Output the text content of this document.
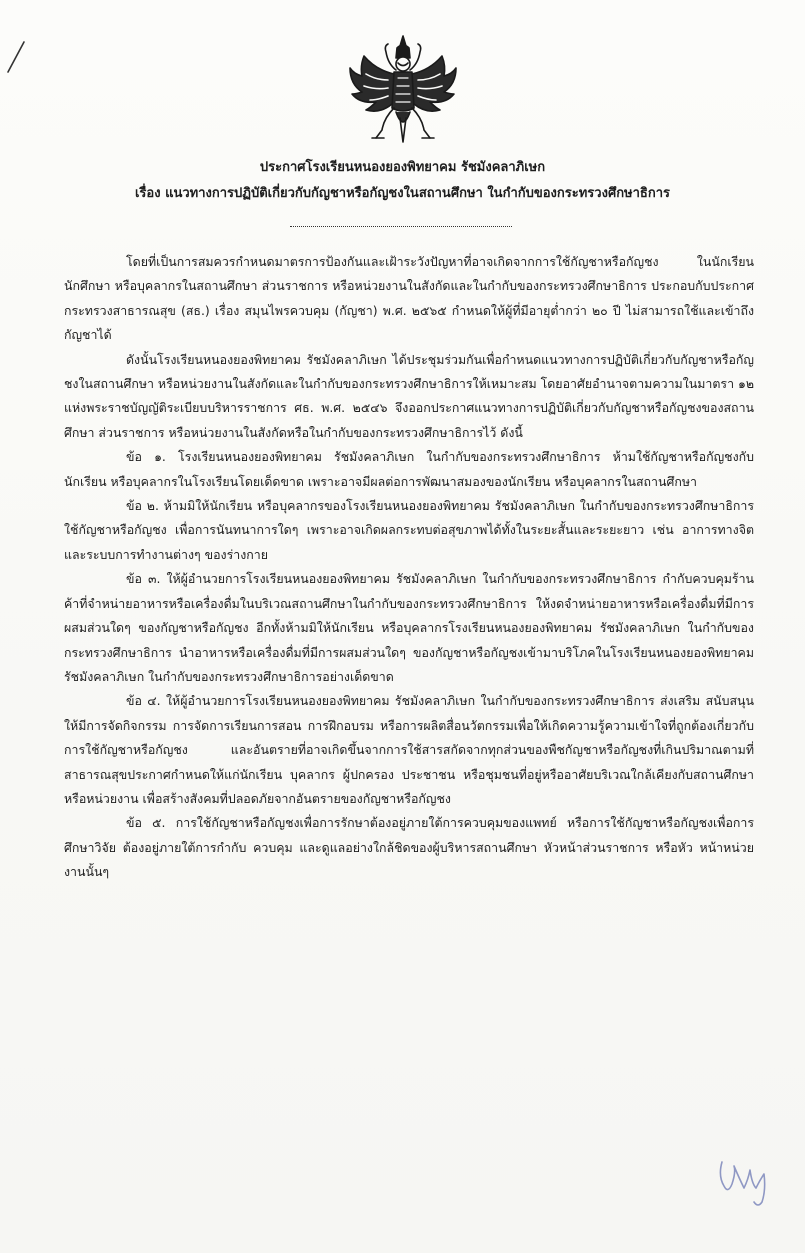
ประกาศโรงเรียนหนองยองพิทยาคม รัชมังคลาภิเษก
เรื่อง แนวทางการปฏิบัติเกี่ยวกับกัญชาหรือกัญชงในสถานศึกษา ในกำกับของกระทรวงศึกษาธิการ

โดยที่เป็นการสมควรกำหนดมาตรการป้องกันและเฝ้าระวังปัญหาที่อาจเกิดจากการใช้กัญชาหรือกัญชง ในนักเรียน นักศึกษา หรือบุคลากรในสถานศึกษา ส่วนราชการ หรือหน่วยงานในสังกัดและในกำกับของกระทรวงศึกษาธิการ ประกอบกับประกาศกระทรวงสาธารณสุข (สธ.) เรื่อง สมุนไพรควบคุม (กัญชา) พ.ศ. ๒๕๖๕ กำหนดให้ผู้ที่มีอายุต่ำกว่า ๒๐ ปี ไม่สามารถใช้และเข้าถึงกัญชาได้

ดังนั้นโรงเรียนหนองยองพิทยาคม รัชมังคลาภิเษก ได้ประชุมร่วมกันเพื่อกำหนดแนวทางการปฏิบัติเกี่ยวกับกัญชาหรือกัญชงในสถานศึกษา หรือหน่วยงานในสังกัดและในกำกับของกระทรวงศึกษาธิการให้เหมาะสม โดยอาศัยอำนาจตามความในมาตรา ๑๒ แห่งพระราชบัญญัติระเบียบบริหารราชการ ศธ. พ.ศ. ๒๕๔๖ จึงออกประกาศแนวทางการปฏิบัติเกี่ยวกับกัญชาหรือกัญชงของสถานศึกษา ส่วนราชการ หรือหน่วยงานในสังกัดหรือในกำกับของกระทรวงศึกษาธิการไว้ ดังนี้

ข้อ ๑. โรงเรียนหนองยองพิทยาคม รัชมังคลาภิเษก ในกำกับของกระทรวงศึกษาธิการ ห้ามใช้กัญชาหรือกัญชงกับนักเรียน หรือบุคลากรในโรงเรียนโดยเด็ดขาด เพราะอาจมีผลต่อการพัฒนาสมองของนักเรียน หรือบุคลากรในสถานศึกษา

ข้อ ๒. ห้ามมิให้นักเรียน หรือบุคลากรของโรงเรียนหนองยองพิทยาคม รัชมังคลาภิเษก ในกำกับของกระทรวงศึกษาธิการ ใช้กัญชาหรือกัญชง เพื่อการนันทนาการใดๆ เพราะอาจเกิดผลกระทบต่อสุขภาพได้ทั้งในระยะสั้นและระยะยาว เช่น อาการทางจิต และระบบการทำงานต่างๆ ของร่างกาย

ข้อ ๓. ให้ผู้อำนวยการโรงเรียนหนองยองพิทยาคม รัชมังคลาภิเษก ในกำกับของกระทรวงศึกษาธิการ กำกับควบคุมร้านค้าที่จำหน่ายอาหารหรือเครื่องดื่มในบริเวณสถานศึกษาในกำกับของกระทรวงศึกษาธิการ ให้งดจำหน่ายอาหารหรือเครื่องดื่มที่มีการผสมส่วนใดๆ ของกัญชาหรือกัญชง อีกทั้งห้ามมิให้นักเรียน หรือบุคลากรโรงเรียนหนองยองพิทยาคม รัชมังคลาภิเษก ในกำกับของกระทรวงศึกษาธิการ นำอาหารหรือเครื่องดื่มที่มีการผสมส่วนใดๆ ของกัญชาหรือกัญชงเข้ามาบริโภคในโรงเรียนหนองยองพิทยาคม รัชมังคลาภิเษก ในกำกับของกระทรวงศึกษาธิการอย่างเด็ดขาด

ข้อ ๔. ให้ผู้อำนวยการโรงเรียนหนองยองพิทยาคม รัชมังคลาภิเษก ในกำกับของกระทรวงศึกษาธิการ ส่งเสริม สนับสนุนให้มีการจัดกิจกรรม การจัดการเรียนการสอน การฝึกอบรม หรือการผลิตสื่อนวัตกรรมเพื่อให้เกิดความรู้ความเข้าใจที่ถูกต้องเกี่ยวกับการใช้กัญชาหรือกัญชง และอันตรายที่อาจเกิดขึ้นจากการใช้สารสกัดจากทุกส่วนของพืชกัญชาหรือกัญชงที่เกินปริมาณตามที่สาธารณสุขประกาศกำหนดให้แก่นักเรียน บุคลากร ผู้ปกครอง ประชาชน หรือชุมชนที่อยู่หรืออาศัยบริเวณใกล้เคียงกับสถานศึกษาหรือหน่วยงาน เพื่อสร้างสังคมที่ปลอดภัยจากอันตรายของกัญชาหรือกัญชง

ข้อ ๕. การใช้กัญชาหรือกัญชงเพื่อการรักษาต้องอยู่ภายใต้การควบคุมของแพทย์ หรือการใช้กัญชาหรือกัญชงเพื่อการศึกษาวิจัย ต้องอยู่ภายใต้การกำกับ ควบคุม และดูแลอย่างใกล้ชิดของผู้บริหารสถานศึกษา หัวหน้าส่วนราชการ หรือหัว หน้าหน่วยงานนั้นๆ
